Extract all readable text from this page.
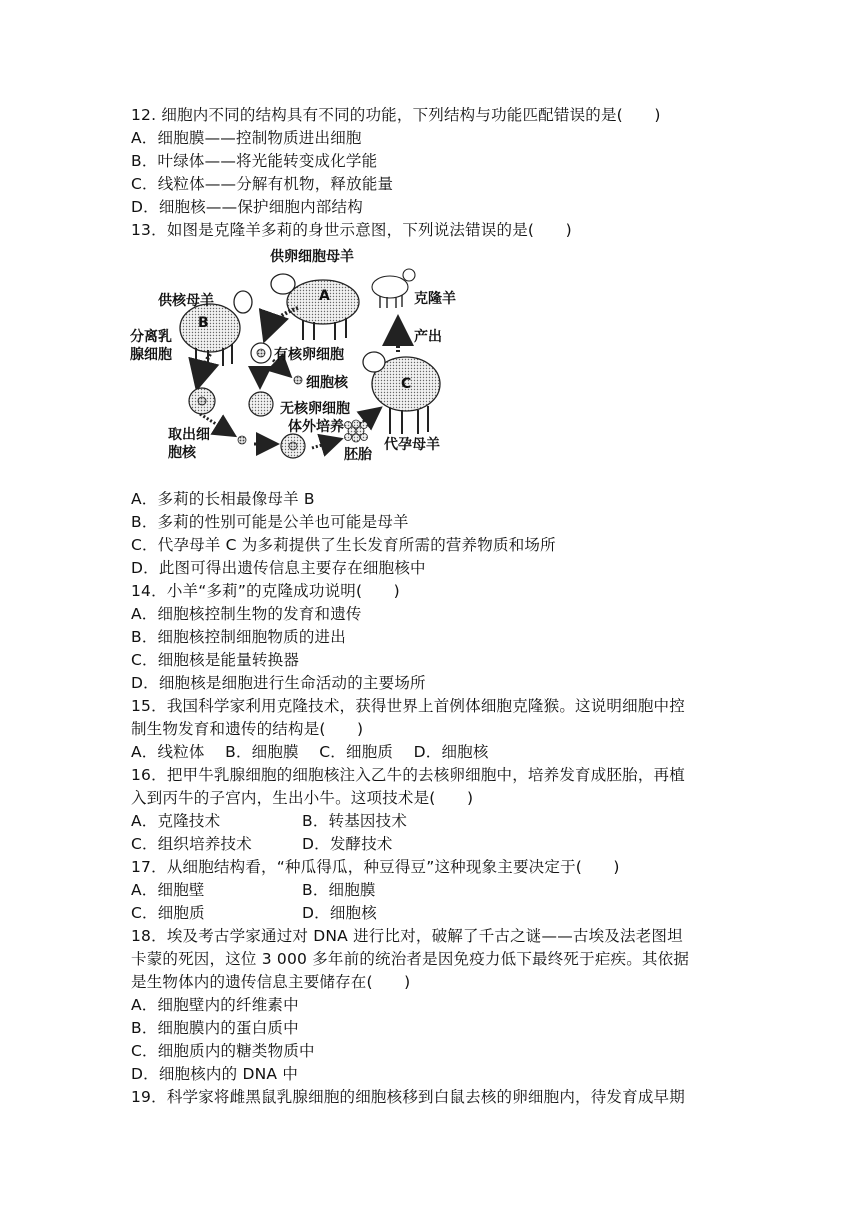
12. 细胞内不同的结构具有不同的功能，下列结构与功能匹配错误的是(　　)
A．细胞膜——控制物质进出细胞
B．叶绿体——将光能转变成化学能
C．线粒体——分解有机物，释放能量
D．细胞核——保护细胞内部结构
13．如图是克隆羊多莉的身世示意图，下列说法错误的是(　　)
A
B
C
供卵细胞母羊
供核母羊
分离乳
腺细胞
克隆羊
产出
有核卵细胞
细胞核
无核卵细胞
体外培养
取出细
胞核	代孕母羊
胚胎
A．多莉的长相最像母羊 B
B．多莉的性别可能是公羊也可能是母羊
C．代孕母羊 C 为多莉提供了生长发育所需的营养物质和场所
D．此图可得出遗传信息主要存在细胞核中
14．小羊“多莉”的克隆成功说明(　　)
A．细胞核控制生物的发育和遗传
B．细胞核控制细胞物质的进出
C．细胞核是能量转换器
D．细胞核是细胞进行生命活动的主要场所
15．我国科学家利用克隆技术，获得世界上首例体细胞克隆猴。这说明细胞中控
制生物发育和遗传的结构是(　　)
A．线粒体 B．细胞膜 C．细胞质 D．细胞核
16．把甲牛乳腺细胞的细胞核注入乙牛的去核卵细胞中，培养发育成胚胎，再植
入到丙牛的子宫内，生出小牛。这项技术是(　　)
A．克隆技术	B．转基因技术
C．组织培养技术	D．发酵技术
17．从细胞结构看，“种瓜得瓜，种豆得豆”这种现象主要决定于(　　)
A．细胞壁	B．细胞膜
C．细胞质	D．细胞核
18．埃及考古学家通过对 DNA 进行比对，破解了千古之谜——古埃及法老图坦
卡蒙的死因，这位 3 000 多年前的统治者是因免疫力低下最终死于疟疾。其依据
是生物体内的遗传信息主要储存在(　　)
A．细胞壁内的纤维素中
B．细胞膜内的蛋白质中
C．细胞质内的糖类物质中
D．细胞核内的 DNA 中
19．科学家将雌黑鼠乳腺细胞的细胞核移到白鼠去核的卵细胞内，待发育成早期
